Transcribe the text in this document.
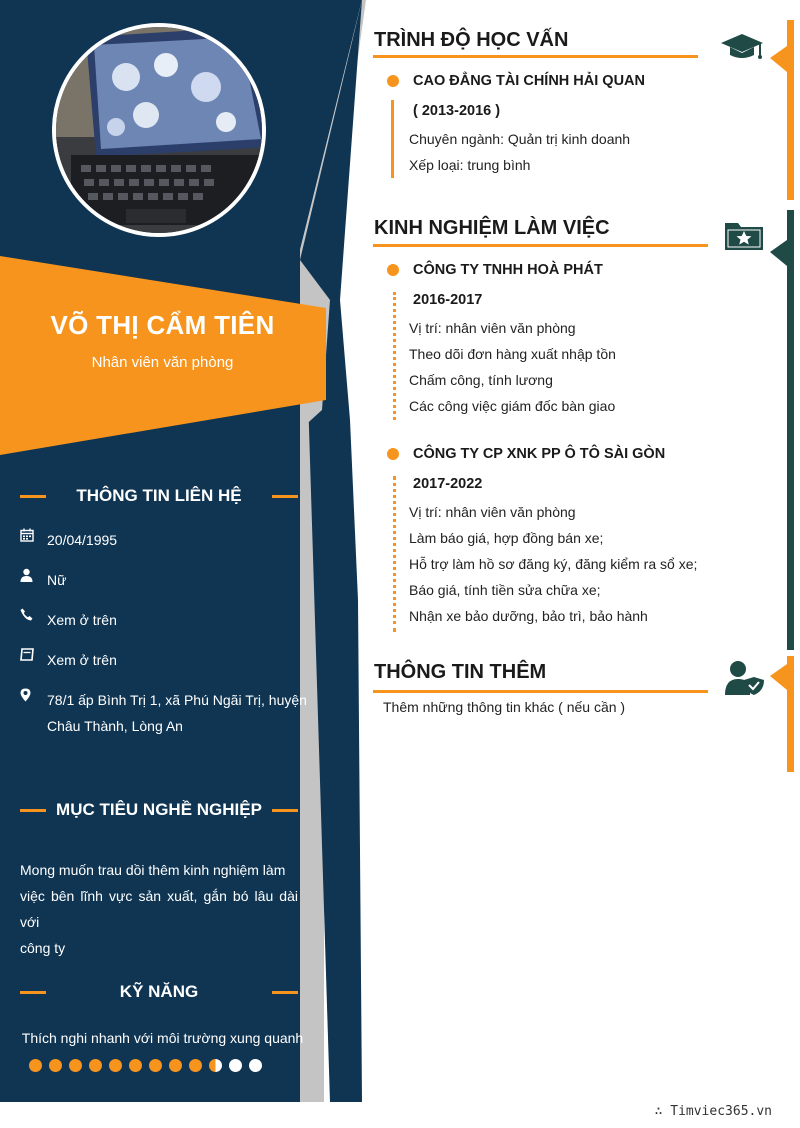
VÕ THỊ CẨM TIÊN
Nhân viên văn phòng
THÔNG TIN LIÊN HỆ
20/04/1995
Nữ
Xem ở trên
Xem ở trên
78/1 ấp Bình Trị 1, xã Phú Ngãi Trị, huyện
Châu Thành, Lòng An
MỤC TIÊU NGHỀ NGHIỆP
Mong muốn trau dồi thêm kinh nghiệm làm
việc bên lĩnh vực sản xuất, gắn bó lâu dài với
công ty
KỸ NĂNG
Thích nghi nhanh với môi trường xung quanh
TRÌNH ĐỘ HỌC VẤN
CAO ĐẲNG TÀI CHÍNH HẢI QUAN
( 2013-2016 )
Chuyên ngành: Quản trị kinh doanh
Xếp loại: trung bình
KINH NGHIỆM LÀM VIỆC
CÔNG TY TNHH HOÀ PHÁT
2016-2017
Vị trí: nhân viên văn phòng
Theo dõi đơn hàng xuất nhập tồn
Chấm công, tính lương
Các công việc giám đốc bàn giao
CÔNG TY CP XNK PP Ô TÔ SÀI GÒN
2017-2022
Vị trí: nhân viên văn phòng
Làm báo giá, hợp đồng bán xe;
Hỗ trợ làm hồ sơ đăng ký, đăng kiểm ra sổ xe;
Báo giá, tính tiền sửa chữa xe;
Nhận xe bảo dưỡng, bảo trì, bảo hành
THÔNG TIN THÊM
Thêm những thông tin khác ( nếu cần )
∴ Timviec365.vn
